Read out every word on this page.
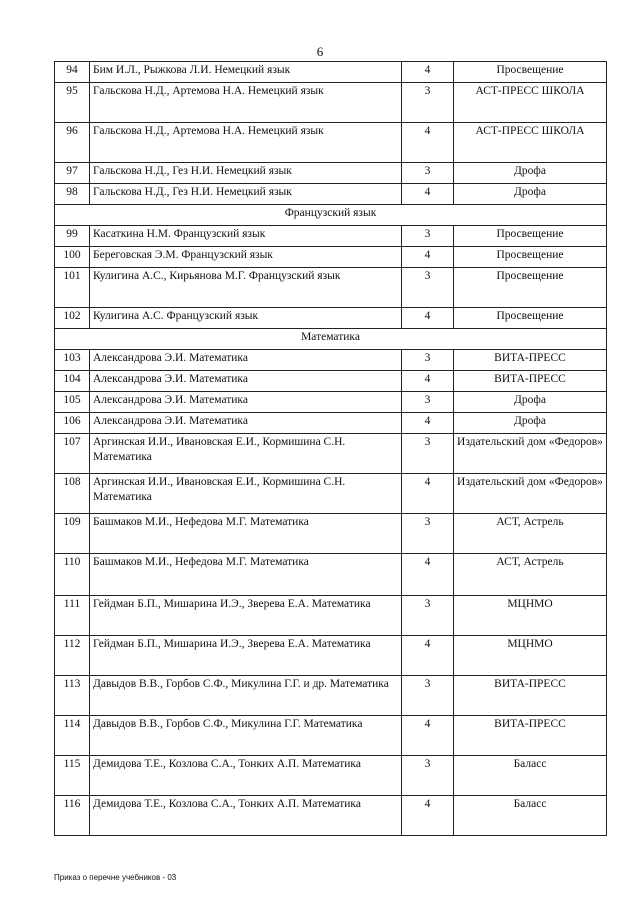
6
94	Бим И.Л., Рыжкова Л.И. Немецкий язык	4	Просвещение
95	Гальскова Н.Д., Артемова Н.А. Немецкий язык	3	АСТ-ПРЕСС ШКОЛА
96	Гальскова Н.Д., Артемова Н.А. Немецкий язык	4	АСТ-ПРЕСС ШКОЛА
97	Гальскова Н.Д., Гез Н.И. Немецкий язык	3	Дрофа
98	Гальскова Н.Д., Гез Н.И. Немецкий язык	4	Дрофа
Французский язык			
99	Касаткина Н.М. Французский язык	3	Просвещение
100	Береговская Э.М. Французский язык	4	Просвещение
101	Кулигина А.С., Кирьянова М.Г. Французский язык	3	Просвещение
102	Кулигина А.С. Французский язык	4	Просвещение
Математика			
103	Александрова Э.И. Математика	3	ВИТА-ПРЕСС
104	Александрова Э.И. Математика	4	ВИТА-ПРЕСС
105	Александрова Э.И. Математика	3	Дрофа
106	Александрова Э.И. Математика	4	Дрофа
107	Аргинская И.И., Ивановская Е.И., Кормишина С.Н. Математика	3	Издательский дом «Федоров»
108	Аргинская И.И., Ивановская Е.И., Кормишина С.Н. Математика	4	Издательский дом «Федоров»
109	Башмаков М.И., Нефедова М.Г. Математика	3	АСТ, Астрель
110	Башмаков М.И., Нефедова М.Г. Математика	4	АСТ, Астрель
111	Гейдман Б.П., Мишарина И.Э., Зверева Е.А. Математика	3	МЦНМО
112	Гейдман Б.П., Мишарина И.Э., Зверева Е.А. Математика	4	МЦНМО
113	Давыдов В.В., Горбов С.Ф., Микулина Г.Г. и др. Математика	3	ВИТА-ПРЕСС
114	Давыдов В.В., Горбов С.Ф., Микулина Г.Г. Математика	4	ВИТА-ПРЕСС
115	Демидова Т.Е., Козлова С.А., Тонких А.П. Математика	3	Баласс
116	Демидова Т.Е., Козлова С.А., Тонких А.П. Математика	4	Баласс
Приказ о перечне учебников - 03
